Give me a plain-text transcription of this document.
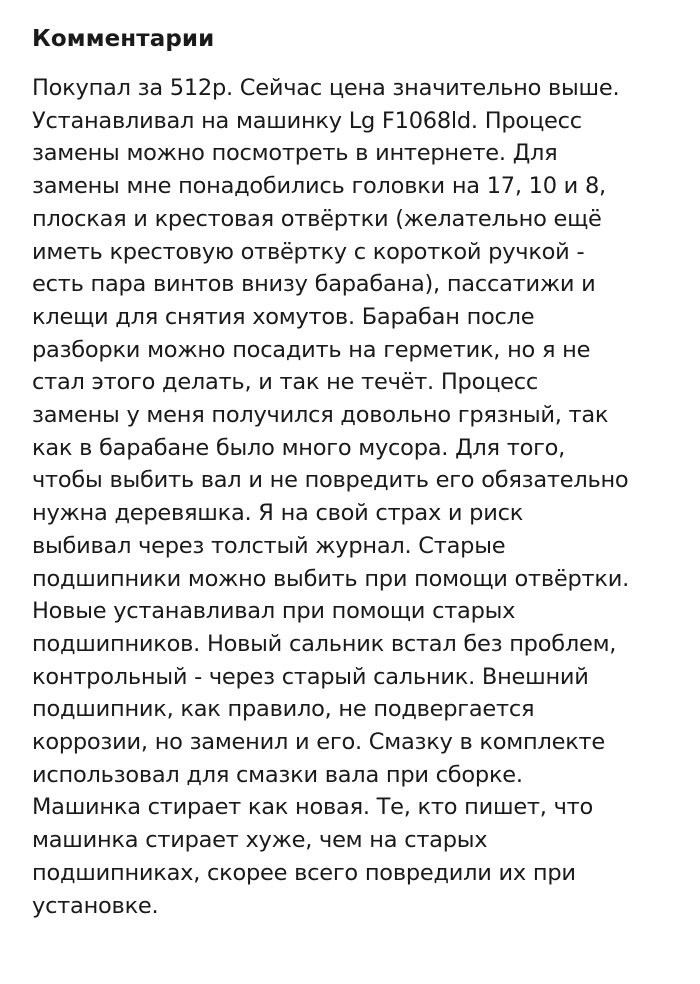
Комментарии
Покупал за 512р. Сейчас цена значительно выше.
Устанавливал на машинку Lg F1068ld. Процесс
замены можно посмотреть в интернете. Для
замены мне понадобились головки на 17, 10 и 8,
плоская и крестовая отвёртки (желательно ещё
иметь крестовую отвёртку с короткой ручкой -
есть пара винтов внизу барабана), пассатижи и
клещи для снятия хомутов. Барабан после
разборки можно посадить на герметик, но я не
стал этого делать, и так не течёт. Процесс
замены у меня получился довольно грязный, так
как в барабане было много мусора. Для того,
чтобы выбить вал и не повредить его обязательно
нужна деревяшка. Я на свой страх и риск
выбивал через толстый журнал. Старые
подшипники можно выбить при помощи отвёртки.
Новые устанавливал при помощи старых
подшипников. Новый сальник встал без проблем,
контрольный - через старый сальник. Внешний
подшипник, как правило, не подвергается
коррозии, но заменил и его. Смазку в комплекте
использовал для смазки вала при сборке.
Машинка стирает как новая. Те, кто пишет, что
машинка стирает хуже, чем на старых
подшипниках, скорее всего повредили их при
установке.
